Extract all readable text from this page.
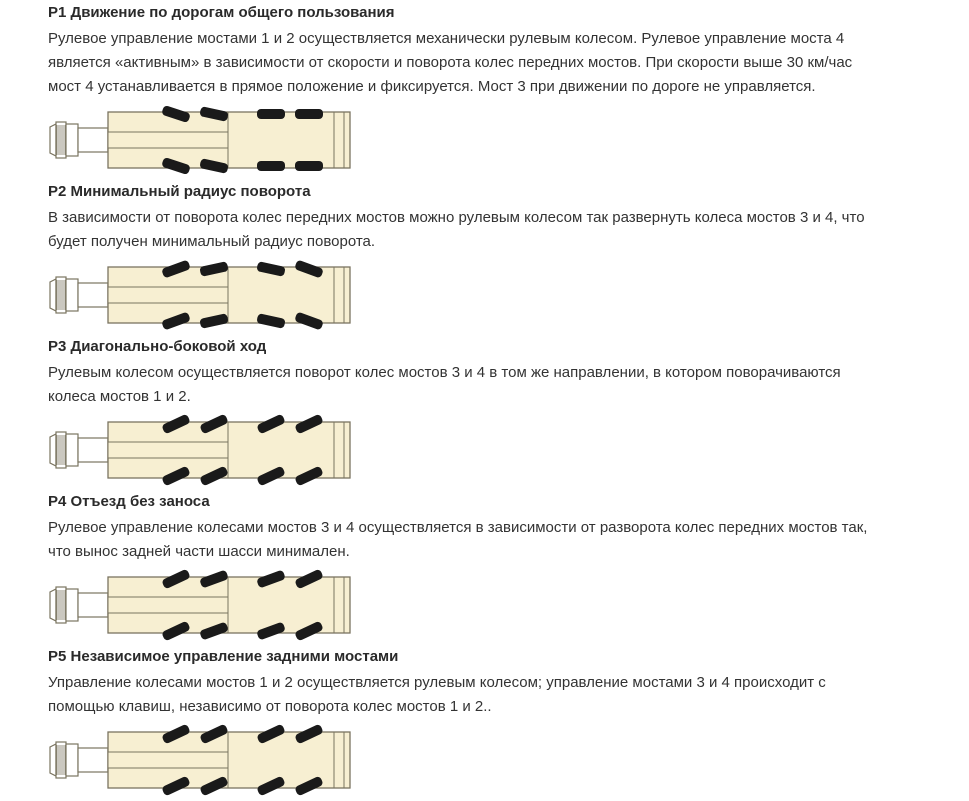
P1 Движение по дорогам общего пользования
Рулевое управление мостами 1 и 2 осуществляется механически рулевым колесом. Рулевое управление моста 4
является «активным» в зависимости от скорости и поворота колес передних мостов. При скорости выше 30 км/час
мост 4 устанавливается в прямое положение и фиксируется. Мост 3 при движении по дороге не управляется.
P2 Минимальный радиус поворота
В зависимости от поворота колес передних мостов можно рулевым колесом так развернуть колеса мостов 3 и 4, что
будет получен минимальный радиус поворота.
P3 Диагонально-боковой ход
Рулевым колесом осуществляется поворот колес мостов 3 и 4 в том же направлении, в котором поворачиваются
колеса мостов 1 и 2.
P4 Отъезд без заноса
Рулевое управление колесами мостов 3 и 4 осуществляется в зависимости от разворота колес передних мостов так,
что вынос задней части шасси минимален.
P5 Независимое управление задними мостами
Управление колесами мостов 1 и 2 осуществляется рулевым колесом; управление мостами 3 и 4 происходит с
помощью клавиш, независимо от поворота колес мостов 1 и 2..
